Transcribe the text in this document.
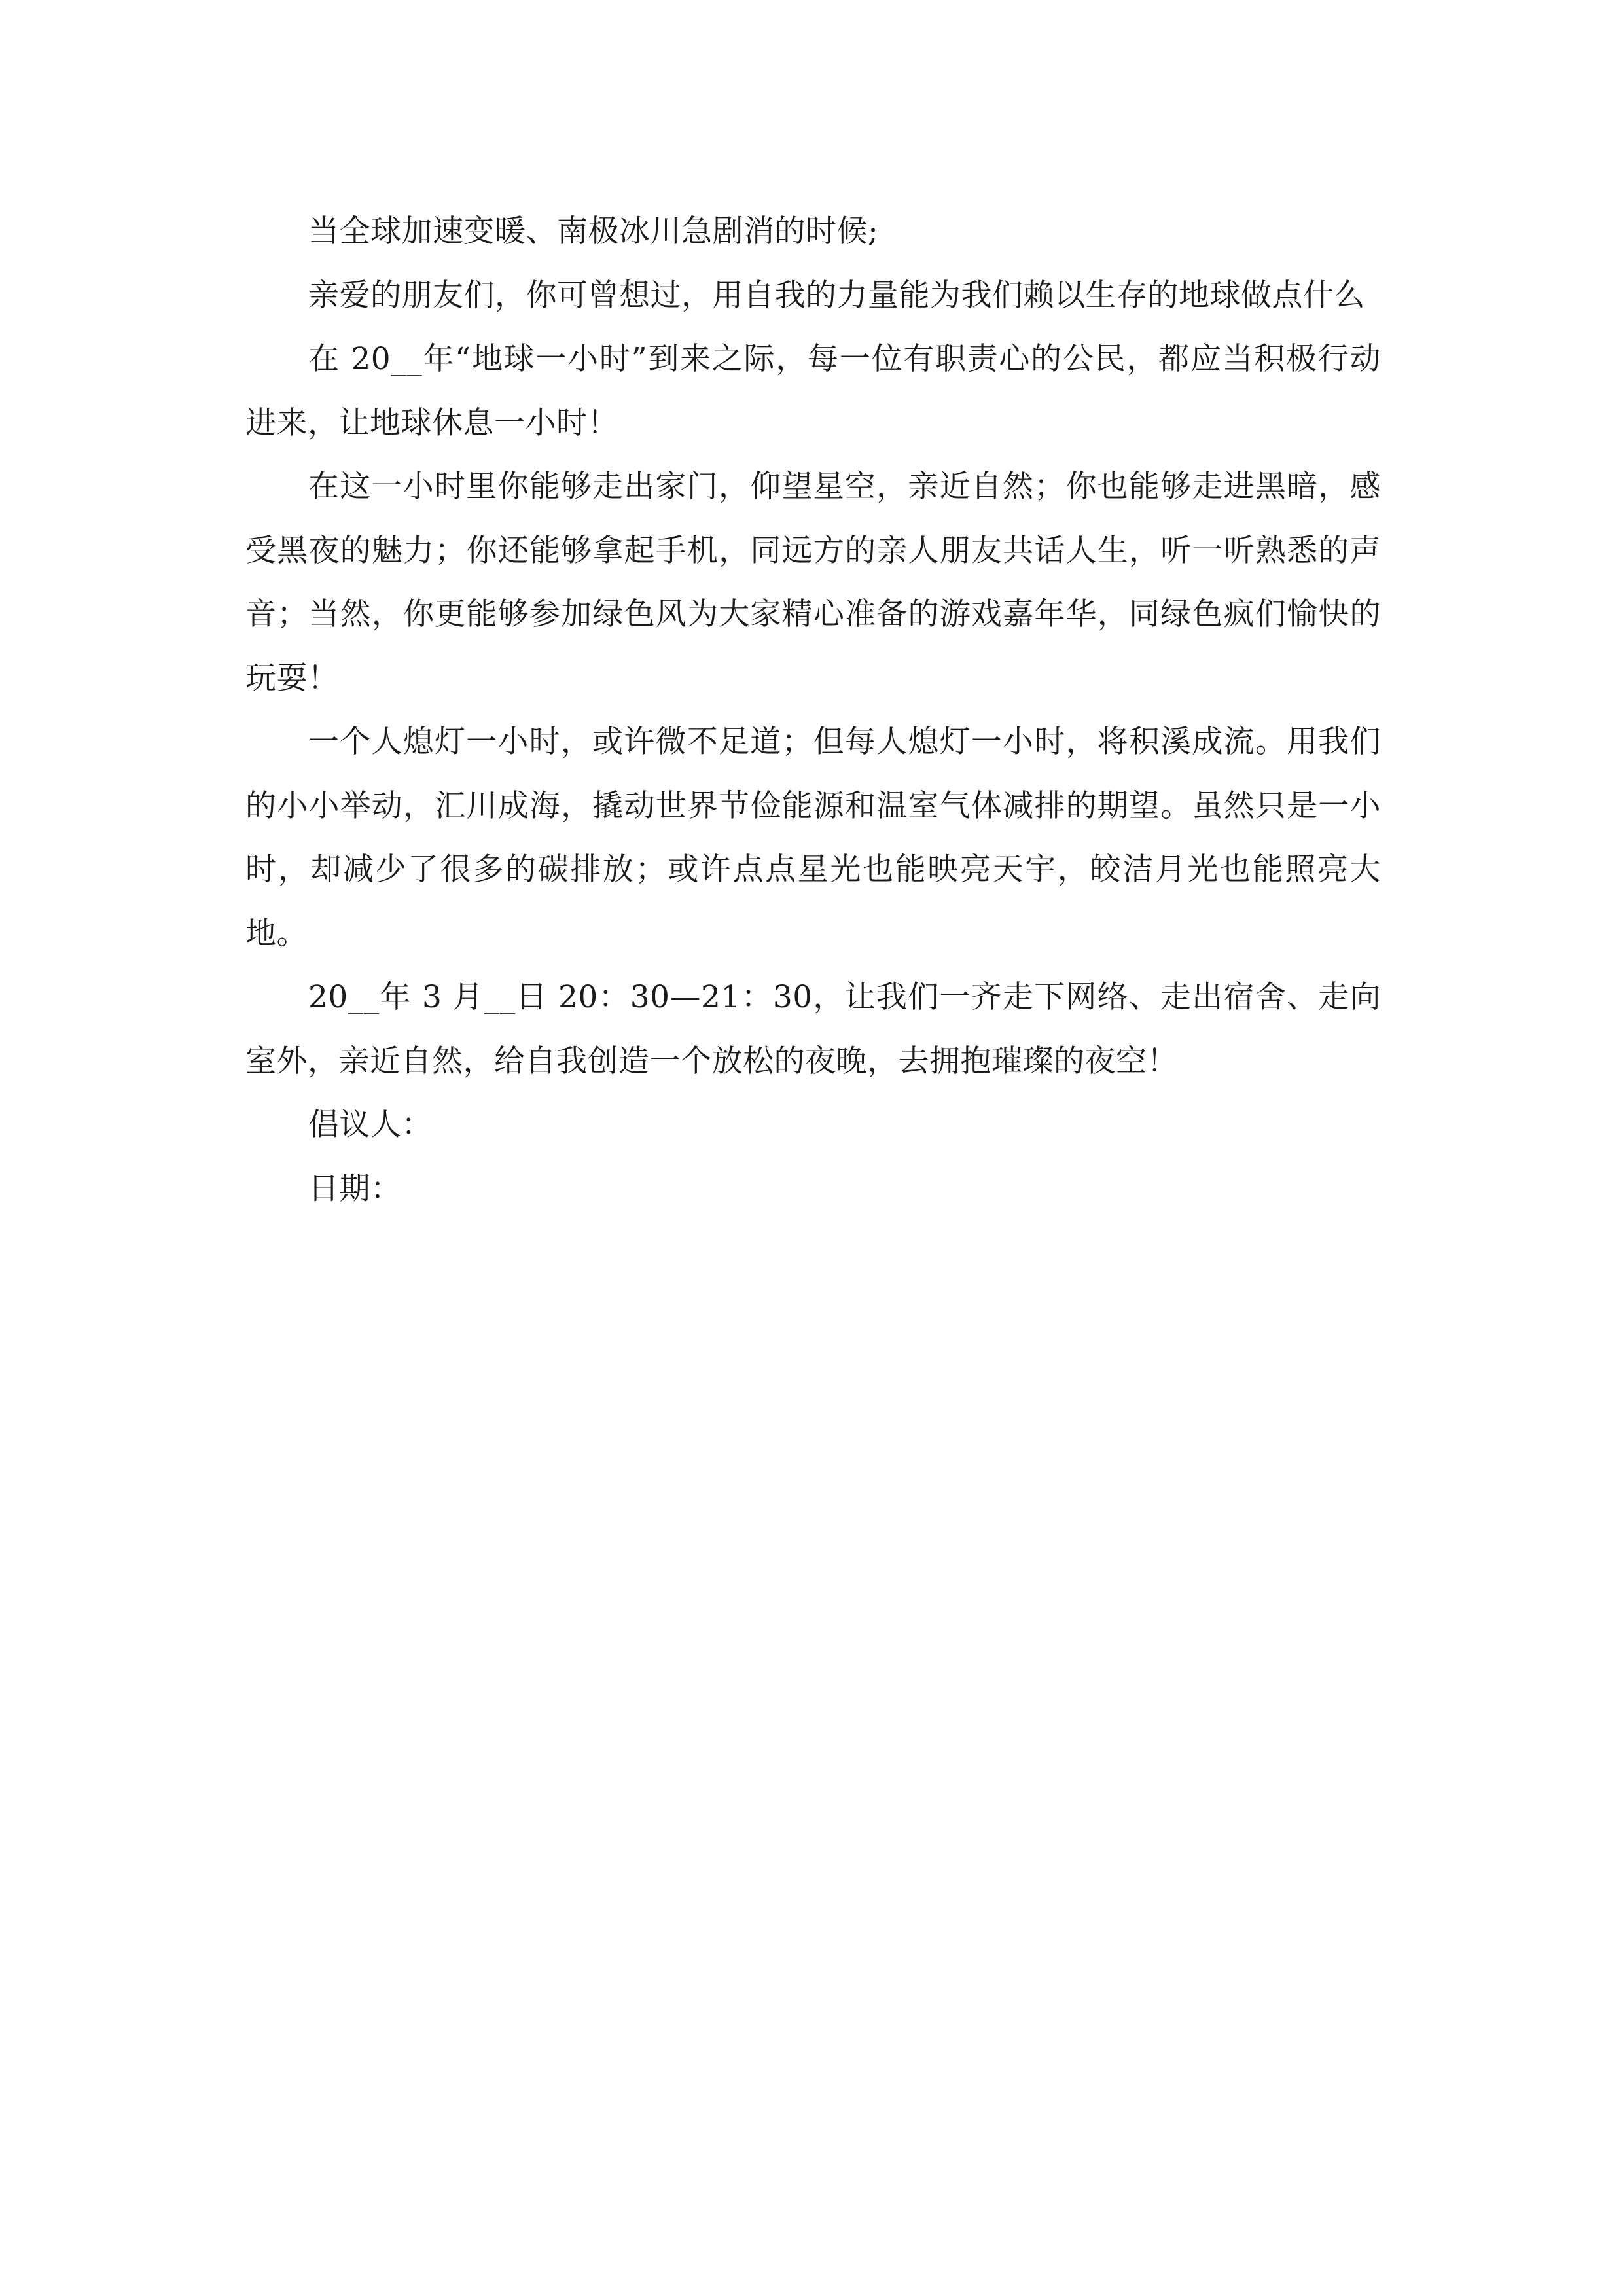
当全球加速变暖、南极冰川急剧消的时候;

亲爱的朋友们，你可曾想过，用自我的力量能为我们赖以生存的地球做点什么

在 20__年“地球一小时”到来之际，每一位有职责心的公民，都应当积极行动进来，让地球休息一小时！

在这一小时里你能够走出家门，仰望星空，亲近自然；你也能够走进黑暗，感受黑夜的魅力；你还能够拿起手机，同远方的亲人朋友共话人生，听一听熟悉的声音；当然，你更能够参加绿色风为大家精心准备的游戏嘉年华，同绿色疯们愉快的玩耍！

一个人熄灯一小时，或许微不足道；但每人熄灯一小时，将积溪成流。用我们的小小举动，汇川成海，撬动世界节俭能源和温室气体减排的期望。虽然只是一小时，却减少了很多的碳排放；或许点点星光也能映亮天宇，皎洁月光也能照亮大地。

20__年 3 月__日 20：30—21：30，让我们一齐走下网络、走出宿舍、走向室外，亲近自然，给自我创造一个放松的夜晚，去拥抱璀璨的夜空！

倡议人：

日期：
